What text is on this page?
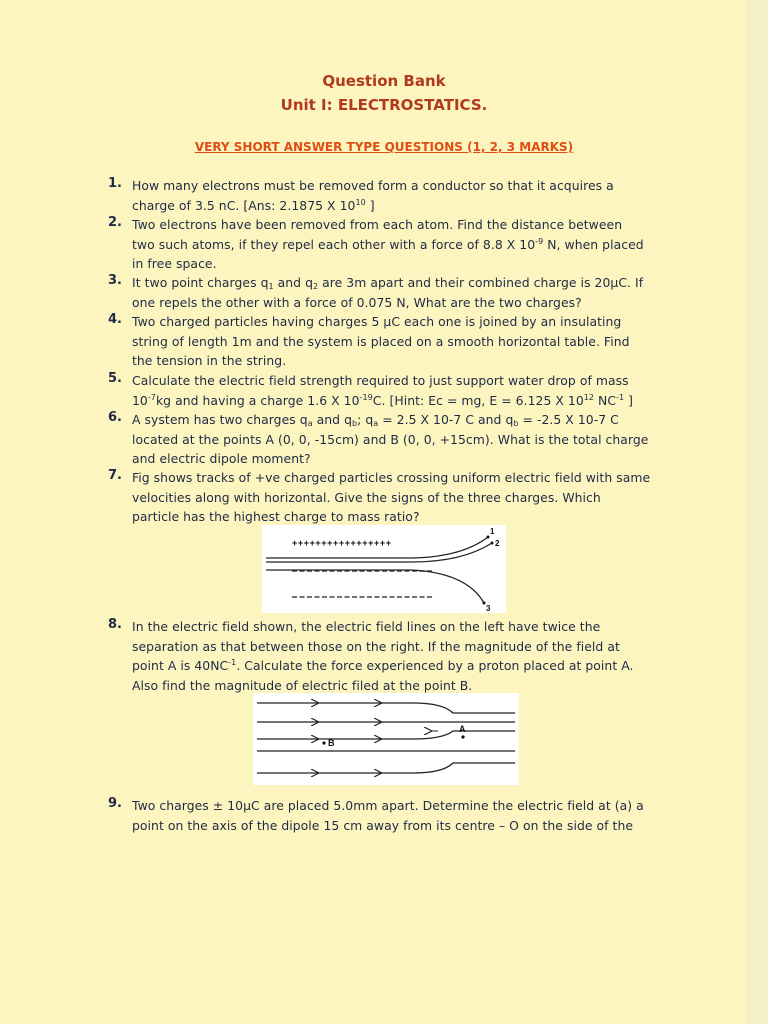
Question Bank
Unit I: ELECTROSTATICS.
VERY SHORT ANSWER TYPE QUESTIONS (1, 2, 3 MARKS)
1. How many electrons must be removed form a conductor so that it acquires a
charge of 3.5 nC. [Ans: 2.1875 X $10^{10}$ ]
2. Two electrons have been removed from each atom. Find the distance between
two such atoms, if they repel each other with a force of 8.8 X $10^{-9}$ N, when placed
in free space.
3. It two point charges $q_1$ and $q_2$ are 3m apart and their combined charge is 20µC. If
one repels the other with a force of 0.075 N, What are the two charges?
4. Two charged particles having charges 5 µC each one is joined by an insulating
string of length 1m and the system is placed on a smooth horizontal table. Find
the tension in the string.
5. Calculate the electric field strength required to just support water drop of mass
$10^{-7}kg$ and having a charge 1.6 X $10^{-19}C$. [Hint: Ec = mg, E = 6.125 X $10^{12}$ $NC^{-1}$ ]
6. A system has two charges $q_a$ and $q_b$; $q_a = 2.5$ X 10-7 C and $q_b = -2.5$ X 10-7 C
located at the points A (0, 0, -15cm) and B (0, 0, +15cm). What is the total charge
and electric dipole moment?
7. Fig shows tracks of +ve charged particles crossing uniform electric field with same
velocities along with horizontal. Give the signs of the three charges. Which
particle has the highest charge to mass ratio?
8. In the electric field shown, the electric field lines on the left have twice the
separation as that between those on the right. If the magnitude of the field at
point A is $40NC^{-1}$. Calculate the force experienced by a proton placed at point A.
Also find the magnitude of electric filed at the point B.
9. Two charges ± 10µC are placed 5.0mm apart. Determine the electric field at (a) a
point on the axis of the dipole 15 cm away from its centre – O on the side of the
+++++++++++++++++
1
2
3
B
A
